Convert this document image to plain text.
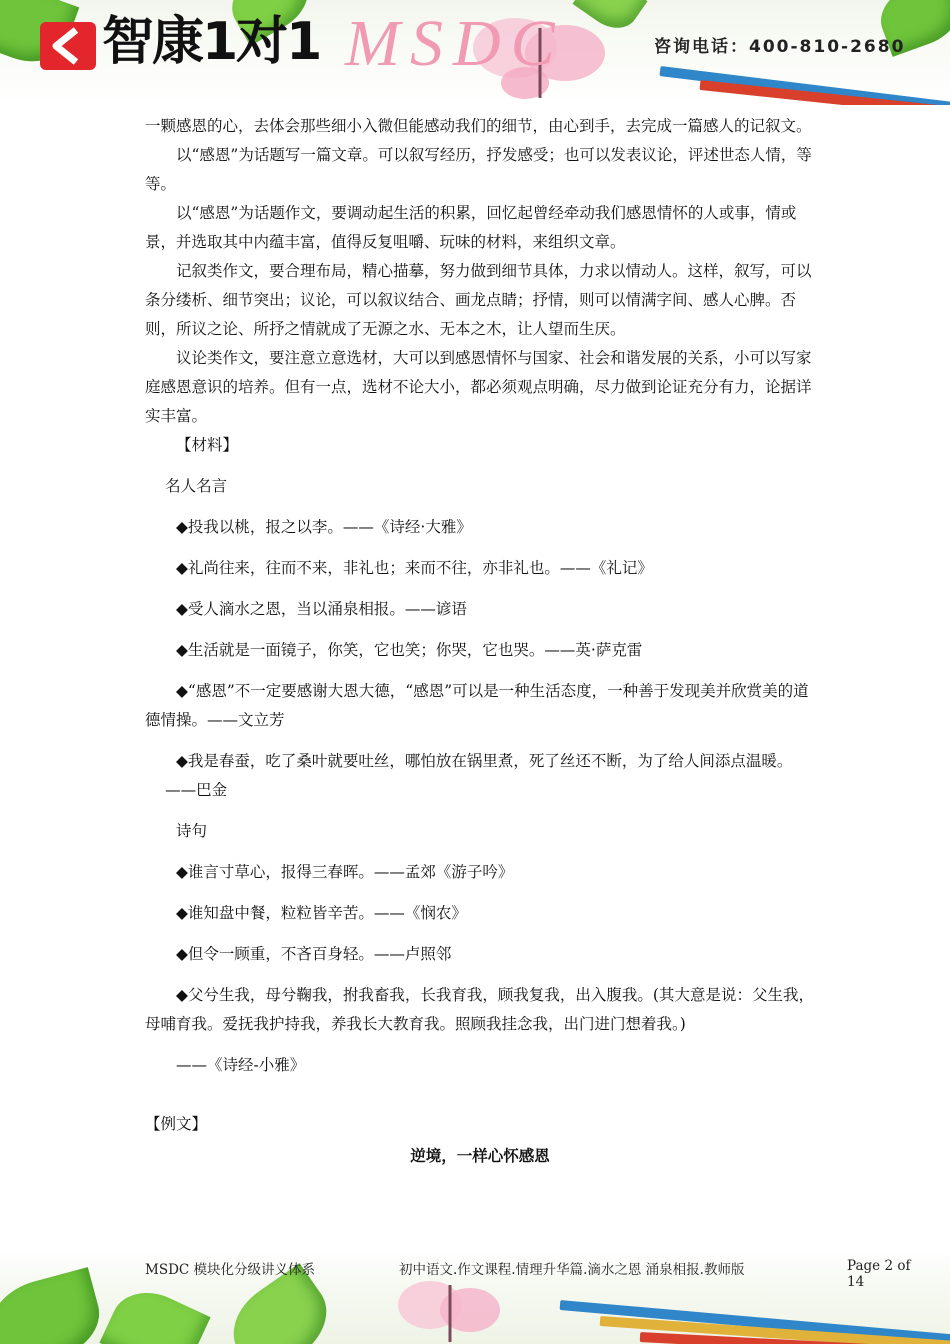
智康1对1 MSDC	咨询电话：400-810-2680

一颗感恩的心，去体会那些细小入微但能感动我们的细节，由心到手，去完成一篇感人的记叙文。

以“感恩”为话题写一篇文章。可以叙写经历，抒发感受；也可以发表议论，评述世态人情，等等。

以“感恩”为话题作文，要调动起生活的积累，回忆起曾经牵动我们感恩情怀的人或事，情或景，并选取其中内蕴丰富，值得反复咀嚼、玩味的材料，来组织文章。

记叙类作文，要合理布局，精心描摹，努力做到细节具体，力求以情动人。这样，叙写，可以条分缕析、细节突出；议论，可以叙议结合、画龙点睛；抒情，则可以情满字间、感人心脾。否则，所议之论、所抒之情就成了无源之水、无本之木，让人望而生厌。

议论类作文，要注意立意选材，大可以到感恩情怀与国家、社会和谐发展的关系，小可以写家庭感恩意识的培养。但有一点，选材不论大小，都必须观点明确，尽力做到论证充分有力，论据详实丰富。

【材料】

名人名言

◆投我以桃，报之以李。——《诗经·大雅》

◆礼尚往来，往而不来，非礼也；来而不往，亦非礼也。——《礼记》

◆受人滴水之恩，当以涌泉相报。——谚语

◆生活就是一面镜子，你笑，它也笑；你哭，它也哭。——英·萨克雷

◆“感恩”不一定要感谢大恩大德，“感恩”可以是一种生活态度，一种善于发现美并欣赏美的道德情操。——文立芳

◆我是春蚕，吃了桑叶就要吐丝，哪怕放在锅里煮，死了丝还不断，为了给人间添点温暖。

——巴金

诗句

◆谁言寸草心，报得三春晖。——孟郊《游子吟》

◆谁知盘中餐，粒粒皆辛苦。——《悯农》

◆但令一顾重，不吝百身轻。——卢照邻

◆父兮生我，母兮鞠我，拊我畜我，长我育我，顾我复我，出入腹我。(其大意是说：父生我，母哺育我。爱抚我护持我，养我长大教育我。照顾我挂念我，出门进门想着我。)

——《诗经-小雅》

【例文】

逆境，一样心怀感恩

MSDC 模块化分级讲义体系	初中语文.作文课程.情理升华篇.滴水之恩 涌泉相报.教师版	Page 2 of 14
